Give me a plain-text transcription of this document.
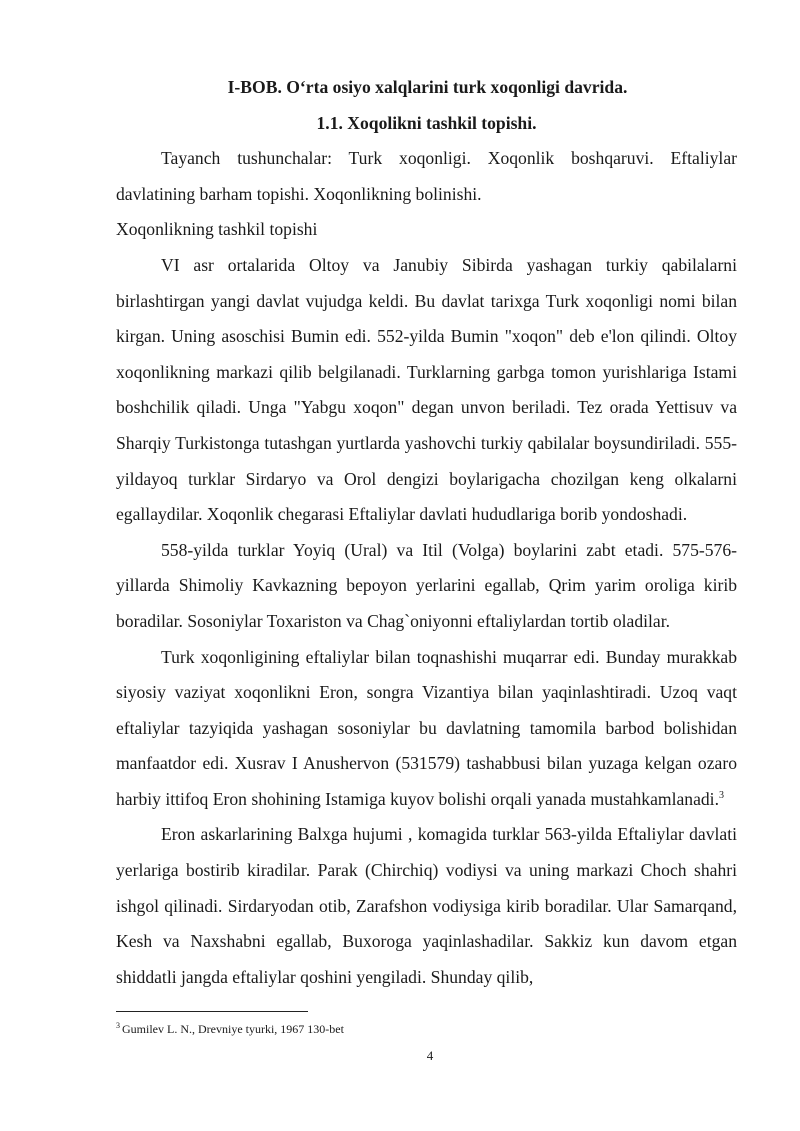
I-BOB. O‘rta osiyo xalqlarini turk xoqonligi davrida.

1.1. Xoqolikni tashkil topishi.

Tayanch tushunchalar: Turk xoqonligi. Xoqonlik boshqaruvi. Eftaliylar davlatining barham topishi. Xoqonlikning bolinishi.

Xoqonlikning tashkil topishi

VI asr ortalarida Oltoy va Janubiy Sibirda yashagan turkiy qabilalarni birlashtirgan yangi davlat vujudga keldi. Bu davlat tarixga Turk xoqonligi nomi bilan kirgan. Uning asoschisi Bumin edi. 552-yilda Bumin "xoqon" deb e'lon qilindi. Oltoy xoqonlikning markazi qilib belgilanadi. Turklarning garbga tomon yurishlariga Istami boshchilik qiladi. Unga "Yabgu xoqon" degan unvon beriladi. Tez orada Yettisuv va Sharqiy Turkistonga tutashgan yurtlarda yashovchi turkiy qabilalar boysundiriladi. 555-yildayoq turklar Sirdaryo va Orol dengizi boylarigacha chozilgan keng olkalarni egallaydilar. Xoqonlik chegarasi Eftaliylar davlati hududlariga borib yondoshadi.

558-yilda turklar Yoyiq (Ural) va Itil (Volga) boylarini zabt etadi. 575-576-yillarda Shimoliy Kavkazning bepoyon yerlarini egallab, Qrim yarim oroliga kirib boradilar. Sosoniylar Toxariston va Chag`oniyonni eftaliylardan tortib oladilar.

Turk xoqonligining eftaliylar bilan toqnashishi muqarrar edi. Bunday murakkab siyosiy vaziyat xoqonlikni Eron, songra Vizantiya bilan yaqinlashtiradi. Uzoq vaqt eftaliylar tazyiqida yashagan sosoniylar bu davlatning tamomila barbod bolishidan manfaatdor edi. Xusrav I Anushervon (531579) tashabbusi bilan yuzaga kelgan ozaro harbiy ittifoq Eron shohining Istamiga kuyov bolishi orqali yanada mustahkamlanadi.$^3$

Eron askarlarining Balxga hujumi , komagida turklar 563-yilda Eftaliylar davlati yerlariga bostirib kiradilar. Parak (Chirchiq) vodiysi va uning markazi Choch shahri ishgol qilinadi. Sirdaryodan otib, Zarafshon vodiysiga kirib boradilar. Ular Samarqand, Kesh va Naxshabni egallab, Buxoroga yaqinlashadilar. Sakkiz kun davom etgan shiddatli jangda eftaliylar qoshini yengiladi. Shunday qilib,

$^3$ Gumilev L. N., Drevniye tyurki, 1967 130-bet
4
